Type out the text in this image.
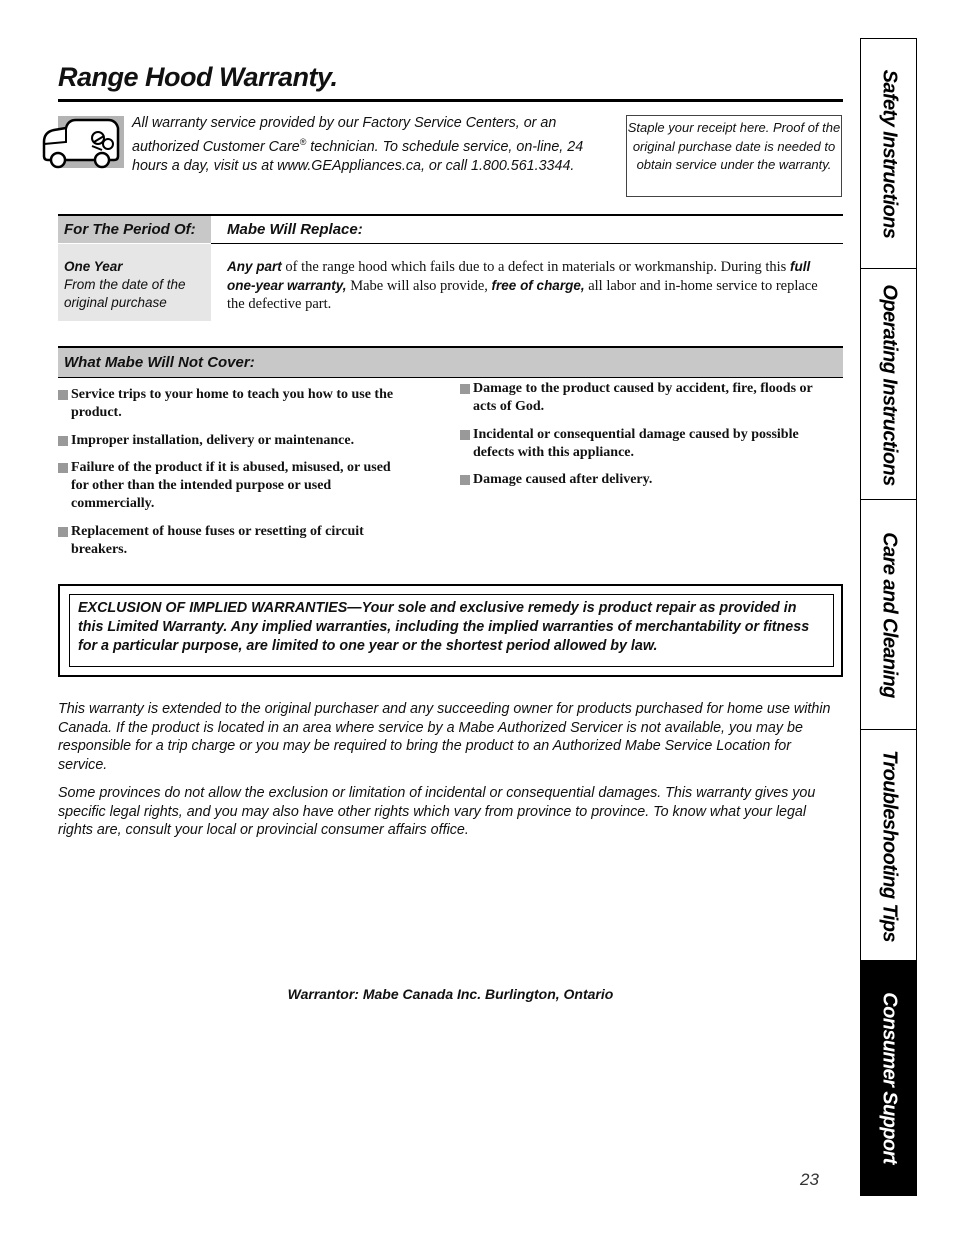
Range Hood Warranty.
All warranty service provided by our Factory Service Centers, or an authorized Customer Care® technician. To schedule service, on-line, 24 hours a day, visit us at www.GEAppliances.ca, or call 1.800.561.3344.
Staple your receipt here. Proof of the original purchase date is needed to obtain service under the warranty.
For The Period Of:	Mabe Will Replace:
One Year
From the date of the original purchase
Any part of the range hood which fails due to a defect in materials or workmanship. During this full one-year warranty, Mabe will also provide, free of charge, all labor and in-home service to replace the defective part.
What Mabe Will Not Cover:
Service trips to your home to teach you how to use the product.
Improper installation, delivery or maintenance.
Failure of the product if it is abused, misused, or used for other than the intended purpose or used commercially.
Replacement of house fuses or resetting of circuit breakers.
Damage to the product caused by accident, fire, floods or acts of God.
Incidental or consequential damage caused by possible defects with this appliance.
Damage caused after delivery.
EXCLUSION OF IMPLIED WARRANTIES—Your sole and exclusive remedy is product repair as provided in this Limited Warranty. Any implied warranties, including the implied warranties of merchantability or fitness for a particular purpose, are limited to one year or the shortest period allowed by law.

This warranty is extended to the original purchaser and any succeeding owner for products purchased for home use within Canada. If the product is located in an area where service by a Mabe Authorized Servicer is not available, you may be responsible for a trip charge or you may be required to bring the product to an Authorized Mabe Service Location for service.

Some provinces do not allow the exclusion or limitation of incidental or consequential damages. This warranty gives you specific legal rights, and you may also have other rights which vary from province to province. To know what your legal rights are, consult your local or provincial consumer affairs office.

Warrantor: Mabe Canada Inc. Burlington, Ontario
23
Safety Instructions
Operating Instructions
Care and Cleaning
Troubleshooting Tips
Consumer Support
